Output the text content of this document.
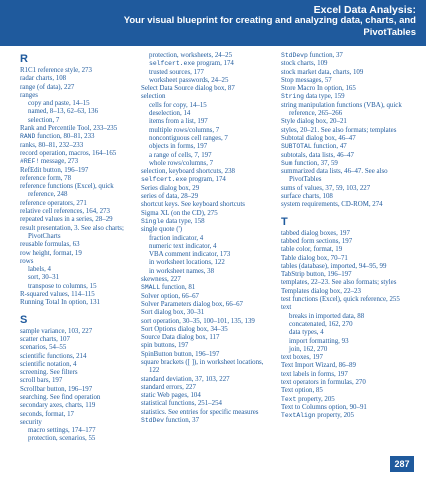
Excel Data Analysis:
Your visual blueprint for creating and analyzing data, charts, and PivotTables
R
R1C1 reference style, 273
radar charts, 108
range (of data), 227
ranges
copy and paste, 14–15
named, 8–13, 62–63, 136
selection, 7
Rank and Percentile Tool, 233–235
RAND function, 80–81, 233
ranks, 80–81, 232–233
record operation, macros, 164–165
#REF! message, 273
RefEdit button, 196–197
reference form, 78
reference functions (Excel), quick reference, 248
reference operators, 271
relative cell references, 164, 273
repeated values in a series, 28–29
result presentation, 3. See also charts; PivotCharts
reusable formulas, 63
row height, format, 19
rows
labels, 4
sort, 30–31
transpose to columns, 15
R-squared values, 114–115
Running Total In option, 131
S
sample variance, 103, 227
scatter charts, 107
scenarios, 54–55
scientific functions, 214
scientific notation, 4
screening. See filters
scroll bars, 197
Scrollbar button, 196–197
searching. See find operation
secondary axes, charts, 119
seconds, format, 17
security
macro settings, 174–177
protection, scenarios, 55
protection, worksheets, 24–25
selfcert.exe program, 174
trusted sources, 177
worksheet passwords, 24–25
Select Data Source dialog box, 87
selection
cells for copy, 14–15
deselection, 14
items from a list, 197
multiple rows/columns, 7
noncontiguous cell ranges, 7
objects in forms, 197
a range of cells, 7, 197
whole rows/columns, 7
selection, keyboard shortcuts, 238
selfcert.exe program, 174
Series dialog box, 29
series of data, 28–29
shortcut keys. See keyboard shortcuts
Sigma XL (on the CD), 275
Single data type, 158
single quote (')
fraction indicator, 4
numeric text indicator, 4
VBA comment indicator, 173
in worksheet locations, 122
in worksheet names, 38
skewness, 227
SMALL function, 81
Solver option, 66–67
Solver Parameters dialog box, 66–67
Sort dialog box, 30–31
sort operation, 30–35, 100–101, 135, 139
Sort Options dialog box, 34–35
Source Data dialog box, 117
spin buttons, 197
SpinButton button, 196–197
square brackets ([ ]), in worksheet locations, 122
standard deviation, 37, 103, 227
standard errors, 227
static Web pages, 104
statistical functions, 251–254
statistics. See entries for specific measures
StdDev function, 37
StdDevp function, 37
stock charts, 109
stock market data, charts, 109
Stop messages, 57
Store Macro In option, 165
String data type, 159
string manipulation functions (VBA), quick reference, 265–266
Style dialog box, 20–21
styles, 20–21. See also formats; templates
Subtotal dialog box, 46–47
SUBTOTAL function, 47
subtotals, data lists, 46–47
Sum function, 37, 59
summarized data lists, 46–47. See also PivotTables
sums of values, 37, 59, 103, 227
surface charts, 108
system requirements, CD-ROM, 274
T
tabbed dialog boxes, 197
tabbed form sections, 197
table color, format, 19
Table dialog box, 70–71
tables (database), imported, 94–95, 99
TabStrip button, 196–197
templates, 22–23. See also formats; styles
Templates dialog box, 22–23
test functions (Excel), quick reference, 255
text
breaks in imported data, 88
concatenated, 162, 270
data types, 4
import formatting, 93
join, 162, 270
text boxes, 197
Text Import Wizard, 86–89
text labels in forms, 197
text operators in formulas, 270
Text option, 85
Text property, 205
Text to Columns option, 90–91
TextAlign property, 205
287
